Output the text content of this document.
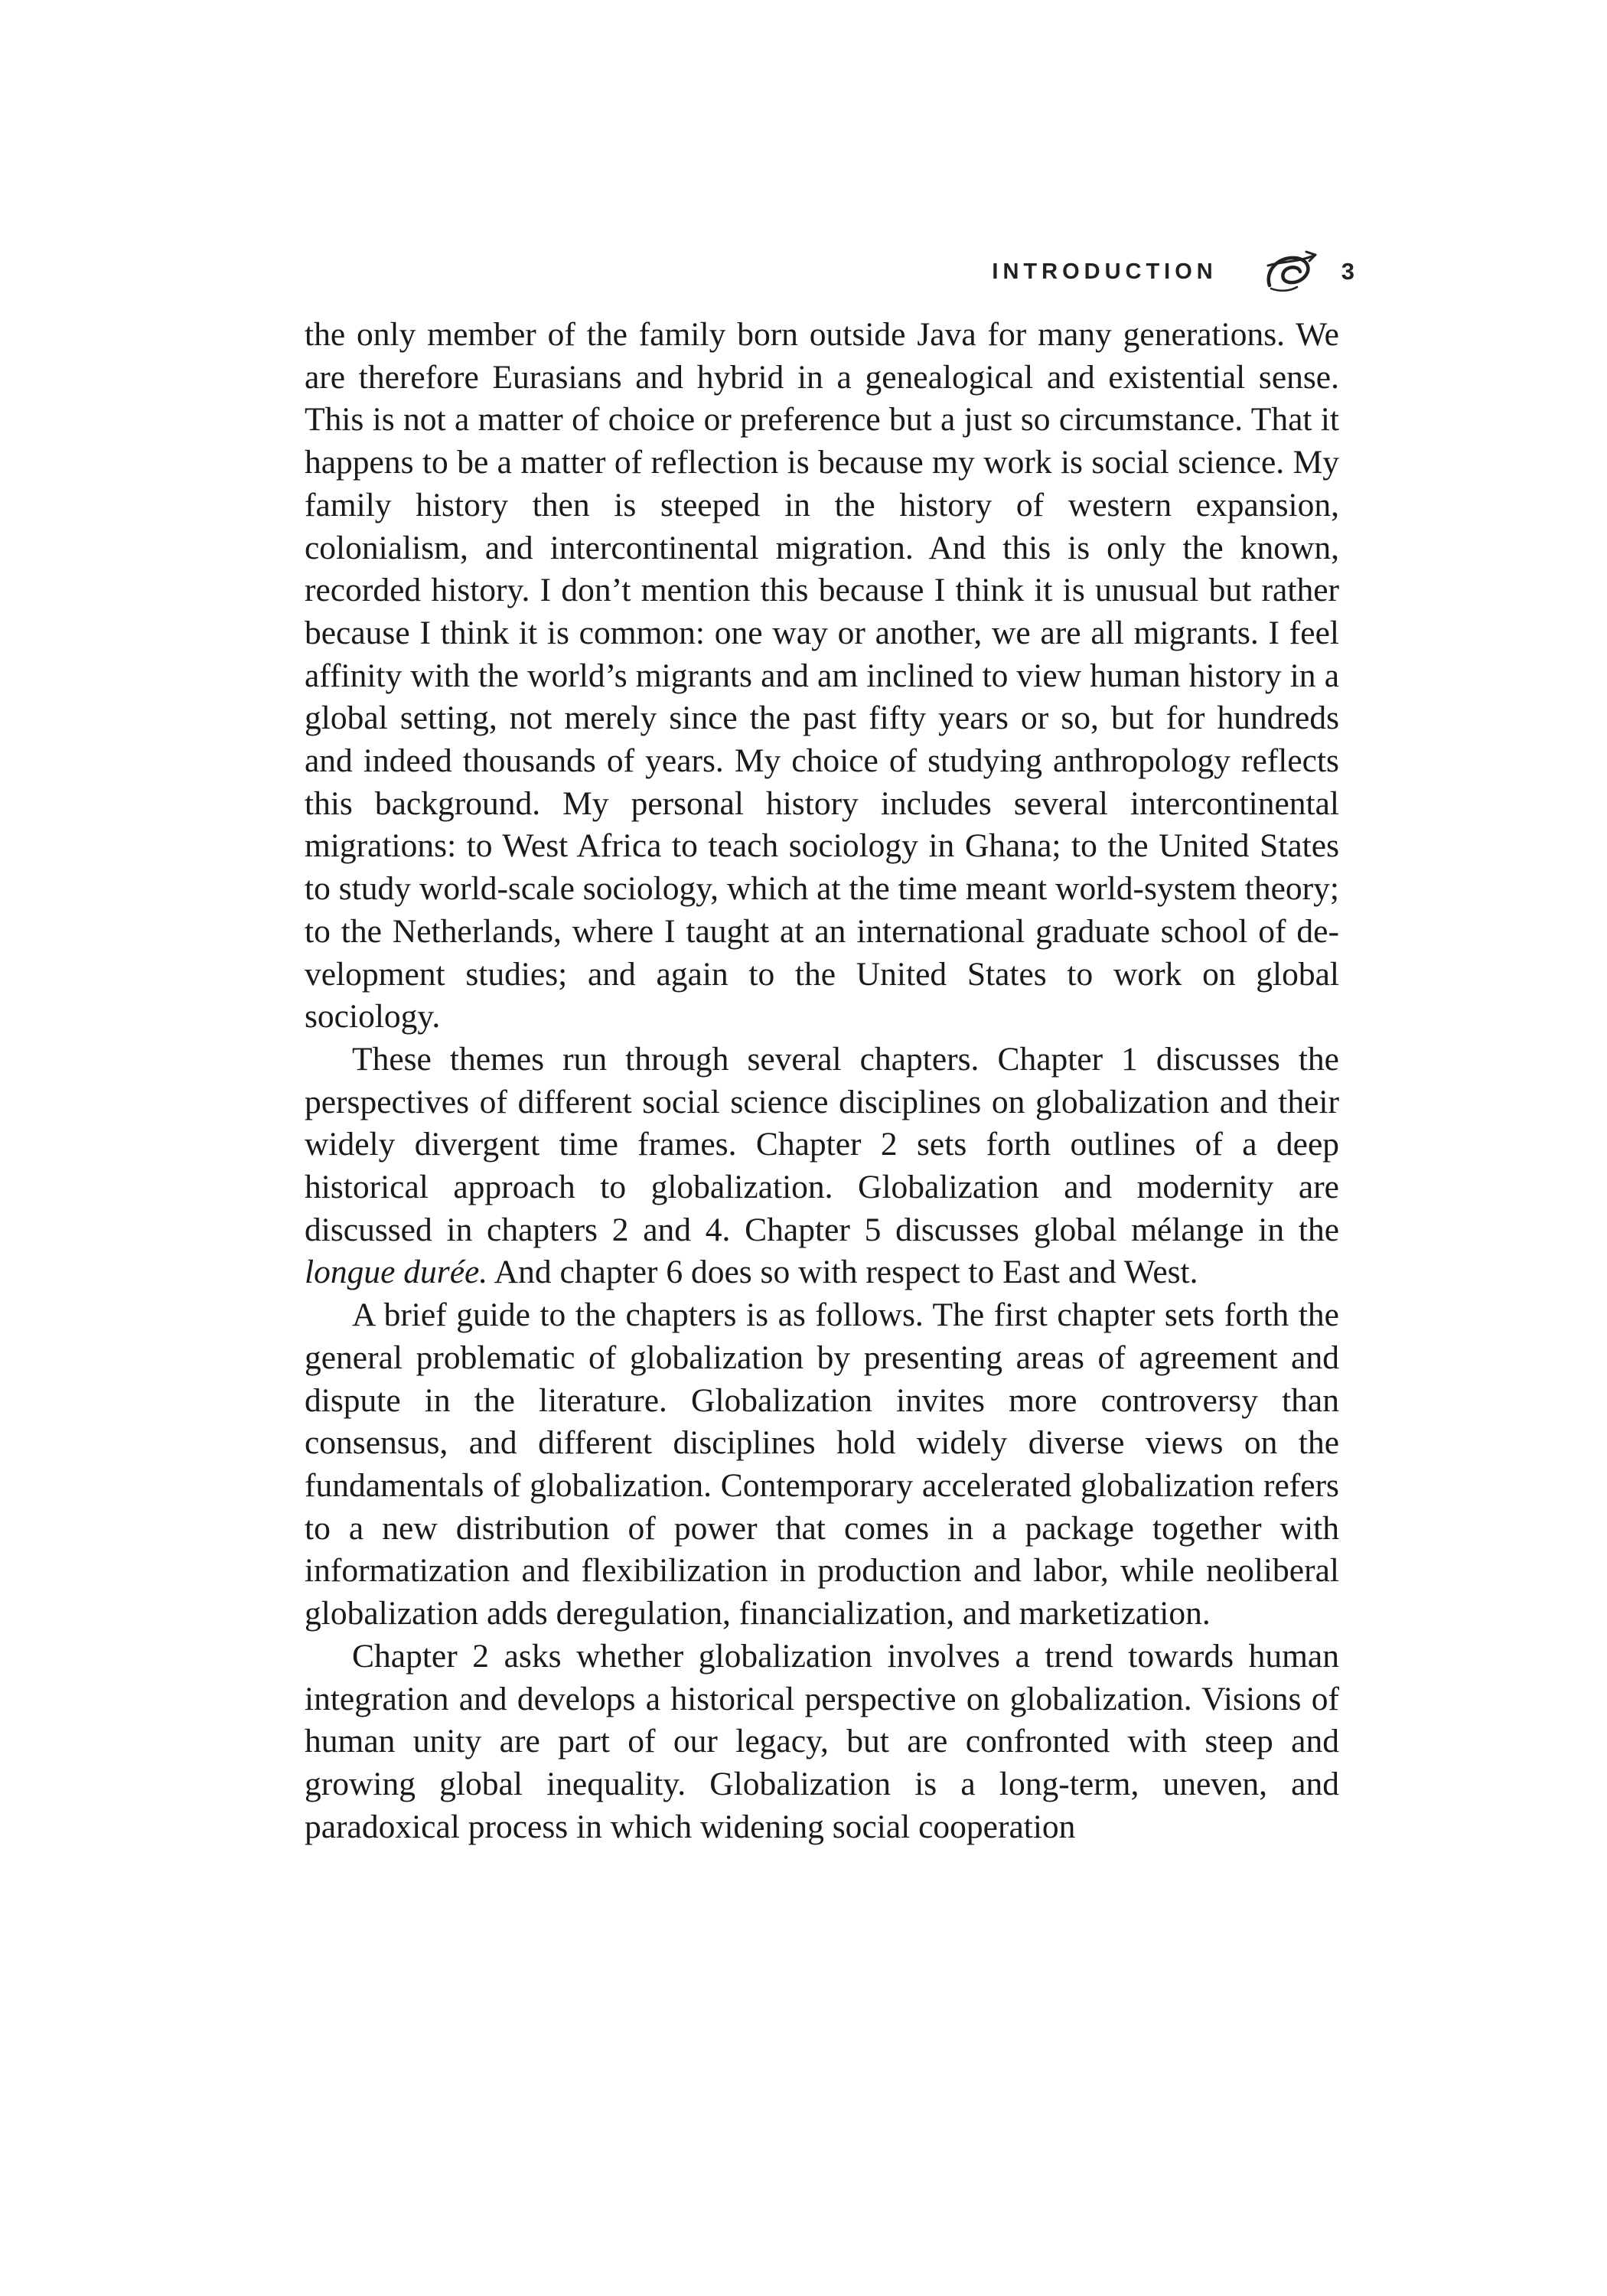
INTRODUCTION	3

the only member of the family born outside Java for many generations. We are therefore Eurasians and hybrid in a genealogical and existential sense. This is not a matter of choice or preference but a just so circumstance. That it happens to be a matter of reflection is because my work is social science. My family history then is steeped in the history of western expansion, colonialism, and intercontinental migration. And this is only the known, recorded history. I don’t mention this because I think it is unusual but rather because I think it is common: one way or another, we are all migrants. I feel affinity with the world’s migrants and am inclined to view human history in a global setting, not merely since the past fifty years or so, but for hundreds and indeed thousands of years. My choice of studying anthropology reflects this background. My personal history includes several intercontinental migrations: to West Africa to teach sociology in Ghana; to the United States to study world-scale sociology, which at the time meant world-system theory; to the Netherlands, where I taught at an international graduate school of development studies; and again to the United States to work on global sociology.

These themes run through several chapters. Chapter 1 discusses the perspectives of different social science disciplines on globalization and their widely divergent time frames. Chapter 2 sets forth outlines of a deep historical approach to globalization. Globalization and modernity are discussed in chapters 2 and 4. Chapter 5 discusses global mélange in the longue durée. And chapter 6 does so with respect to East and West.

A brief guide to the chapters is as follows. The first chapter sets forth the general problematic of globalization by presenting areas of agreement and dispute in the literature. Globalization invites more controversy than consensus, and different disciplines hold widely diverse views on the fundamentals of globalization. Contemporary accelerated globalization refers to a new distribution of power that comes in a package together with informatization and flexibilization in production and labor, while neoliberal globalization adds deregulation, financialization, and marketization.

Chapter 2 asks whether globalization involves a trend towards human integration and develops a historical perspective on globalization. Visions of human unity are part of our legacy, but are confronted with steep and growing global inequality. Globalization is a long-term, uneven, and paradoxical process in which widening social cooperation
